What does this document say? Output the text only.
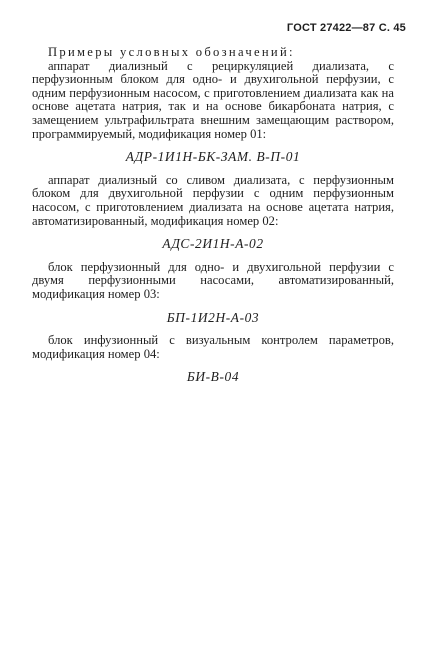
ГОСТ 27422—87 С. 45

Примеры условных обозначений:

аппарат диализный с рециркуляцией диализата, с перфузионным блоком для одно- и двухигольной перфузии, с одним перфузионным насосом, с приготовлением диализата как на основе ацетата натрия, так и на основе бикарбоната натрия, с замещением ультрафильтрата внешним замещающим раствором, программируемый, модификация номер 01:

АДР-1И1Н-БК-ЗАМ. В-П-01

аппарат диализный со сливом диализата, с перфузионным блоком для двухигольной перфузии с одним перфузионным насосом, с приготовлением диализата на основе ацетата натрия, автоматизированный, модификация номер 02:

АДС-2И1Н-А-02

блок перфузионный для одно- и двухигольной перфузии с двумя перфузионными насосами, автоматизированный, модификация номер 03:

БП-1И2Н-А-03

блок инфузионный с визуальным контролем параметров, модификация номер 04:

БИ-В-04
